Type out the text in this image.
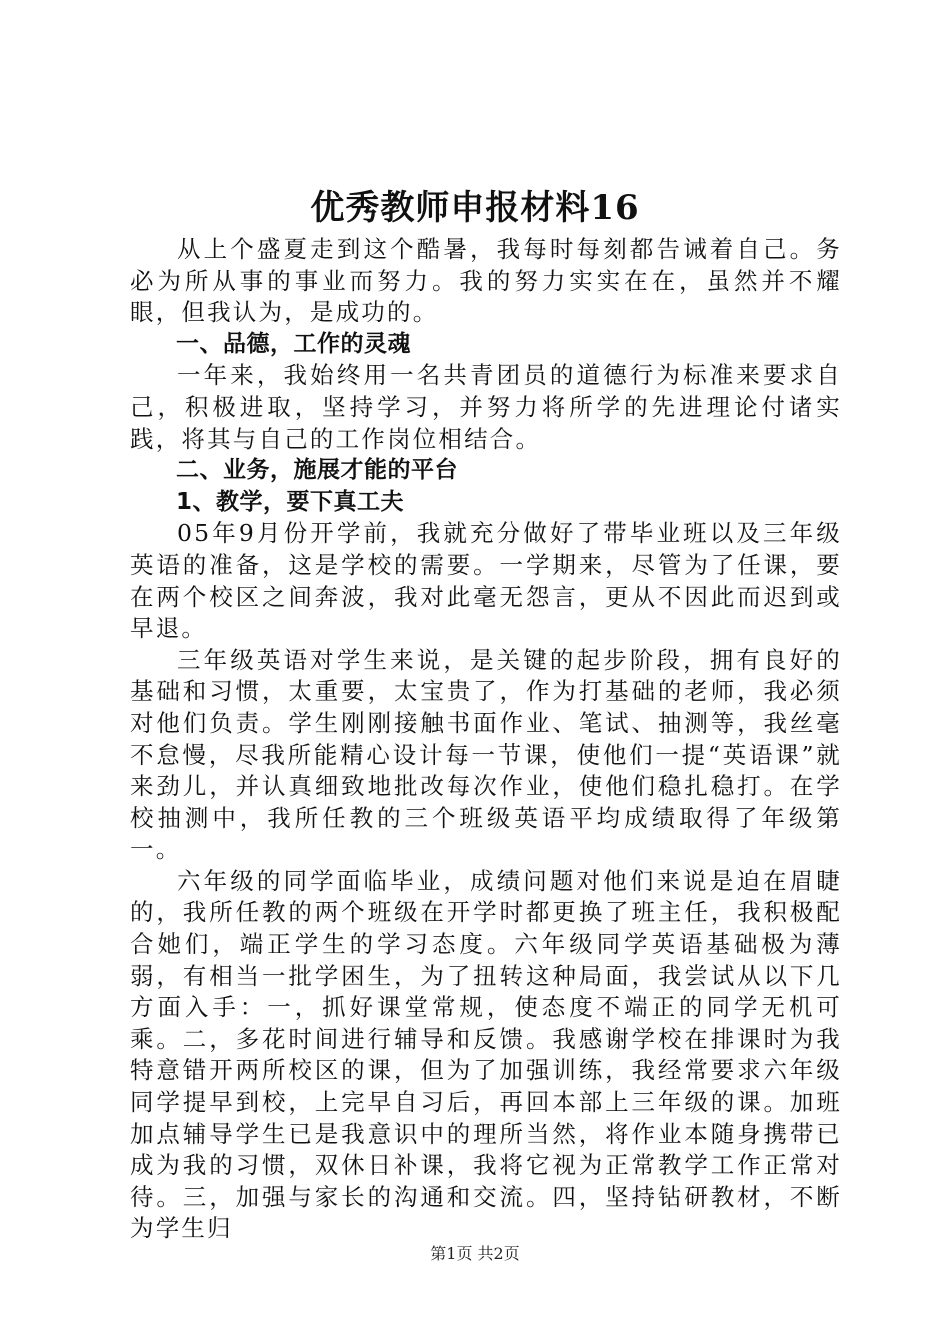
优秀教师申报材料16

从上个盛夏走到这个酷暑，我每时每刻都告诫着自己。务必为所从事的事业而努力。我的努力实实在在，虽然并不耀眼，但我认为，是成功的。

一、品德，工作的灵魂

一年来，我始终用一名共青团员的道德行为标准来要求自己，积极进取，坚持学习，并努力将所学的先进理论付诸实践，将其与自己的工作岗位相结合。

二、业务，施展才能的平台

1、教学，要下真工夫

05年9月份开学前，我就充分做好了带毕业班以及三年级英语的准备，这是学校的需要。一学期来，尽管为了任课，要在两个校区之间奔波，我对此毫无怨言，更从不因此而迟到或早退。

三年级英语对学生来说，是关键的起步阶段，拥有良好的基础和习惯，太重要，太宝贵了，作为打基础的老师，我必须对他们负责。学生刚刚接触书面作业、笔试、抽测等，我丝毫不怠慢，尽我所能精心设计每一节课，使他们一提“英语课”就来劲儿，并认真细致地批改每次作业，使他们稳扎稳打。在学校抽测中，我所任教的三个班级英语平均成绩取得了年级第一。

六年级的同学面临毕业，成绩问题对他们来说是迫在眉睫的，我所任教的两个班级在开学时都更换了班主任，我积极配合她们，端正学生的学习态度。六年级同学英语基础极为薄弱，有相当一批学困生，为了扭转这种局面，我尝试从以下几方面入手：一，抓好课堂常规，使态度不端正的同学无机可乘。二，多花时间进行辅导和反馈。我感谢学校在排课时为我特意错开两所校区的课，但为了加强训练，我经常要求六年级同学提早到校，上完早自习后，再回本部上三年级的课。加班加点辅导学生已是我意识中的理所当然，将作业本随身携带已成为我的习惯，双休日补课，我将它视为正常教学工作正常对待。三，加强与家长的沟通和交流。四，坚持钻研教材，不断为学生归

第1页 共2页
